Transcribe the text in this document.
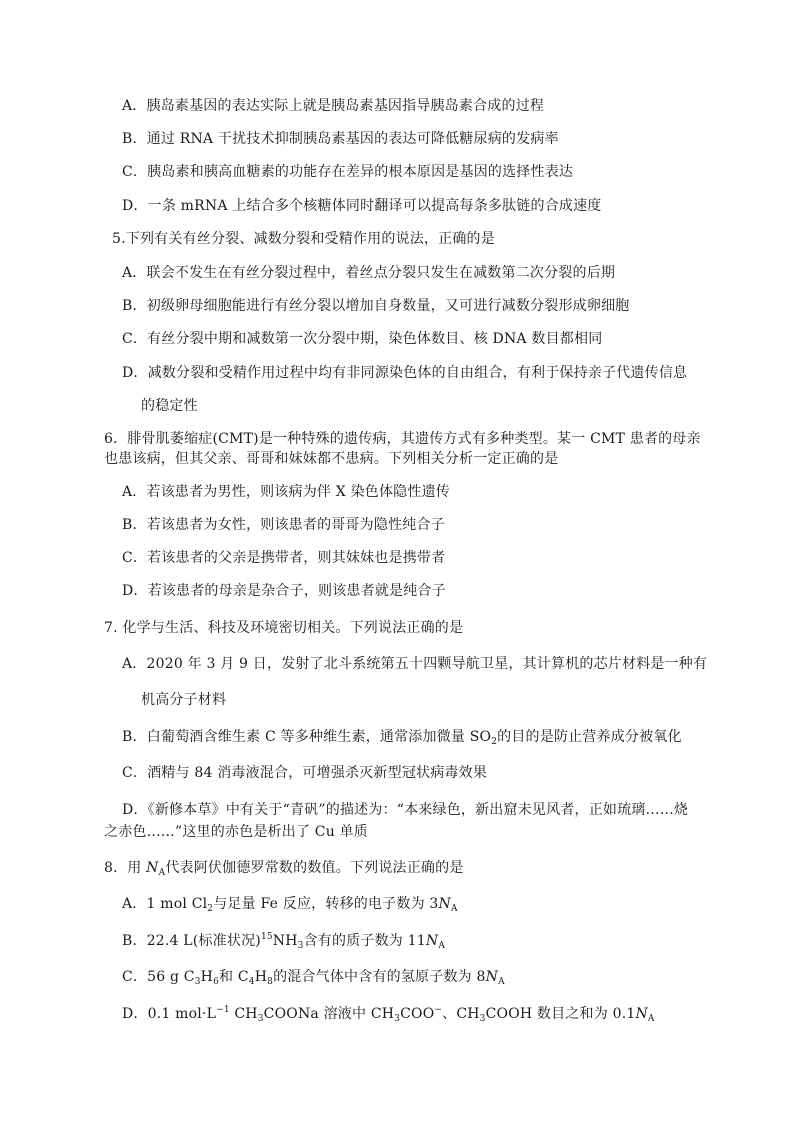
A．胰岛素基因的表达实际上就是胰岛素基因指导胰岛素合成的过程
B．通过 RNA 干扰技术抑制胰岛素基因的表达可降低糖尿病的发病率
C．胰岛素和胰高血糖素的功能存在差异的根本原因是基因的选择性表达
D．一条 mRNA 上结合多个核糖体同时翻译可以提高每条多肽链的合成速度
5.下列有关有丝分裂、减数分裂和受精作用的说法，正确的是
A．联会不发生在有丝分裂过程中，着丝点分裂只发生在减数第二次分裂的后期
B．初级卵母细胞能进行有丝分裂以增加自身数量，又可进行减数分裂形成卵细胞
C．有丝分裂中期和减数第一次分裂中期，染色体数目、核 DNA 数目都相同
D．减数分裂和受精作用过程中均有非同源染色体的自由组合，有利于保持亲子代遗传信息
的稳定性
6．腓骨肌萎缩症(CMT)是一种特殊的遗传病，其遗传方式有多种类型。某一 CMT 患者的母亲
也患该病，但其父亲、哥哥和妹妹都不患病。下列相关分析一定正确的是
A．若该患者为男性，则该病为伴 X 染色体隐性遗传
B．若该患者为女性，则该患者的哥哥为隐性纯合子
C．若该患者的父亲是携带者，则其妹妹也是携带者
D．若该患者的母亲是杂合子，则该患者就是纯合子
7. 化学与生活、科技及环境密切相关。下列说法正确的是
A．2020 年 3 月 9 日，发射了北斗系统第五十四颗导航卫星，其计算机的芯片材料是一种有
机高分子材料
B．白葡萄酒含维生素 C 等多种维生素，通常添加微量 $SO_2$的目的是防止营养成分被氧化
C．酒精与 84 消毒液混合，可增强杀灭新型冠状病毒效果
D．《新修本草》中有关于“青矾”的描述为：“本来绿色，新出窟未见风者，正如琉璃……烧
之赤色……”这里的赤色是析出了 Cu 单质
8．用 $N_A$代表阿伏伽德罗常数的数值。下列说法正确的是
A．1 mol $Cl_2$与足量 Fe 反应，转移的电子数为 $3N_A$
B．22.4 L(标准状况)$^{15}NH_3$含有的质子数为 $11N_A$
C．56 g $C_3H_6$和 $C_4H_8$的混合气体中含有的氢原子数为 $8N_A$
D．0.1 $mol\cdot L^{-1}$ $CH_3COONa$ 溶液中 $CH_3COO^-$、$CH_3COOH$ 数目之和为 $0.1N_A$
